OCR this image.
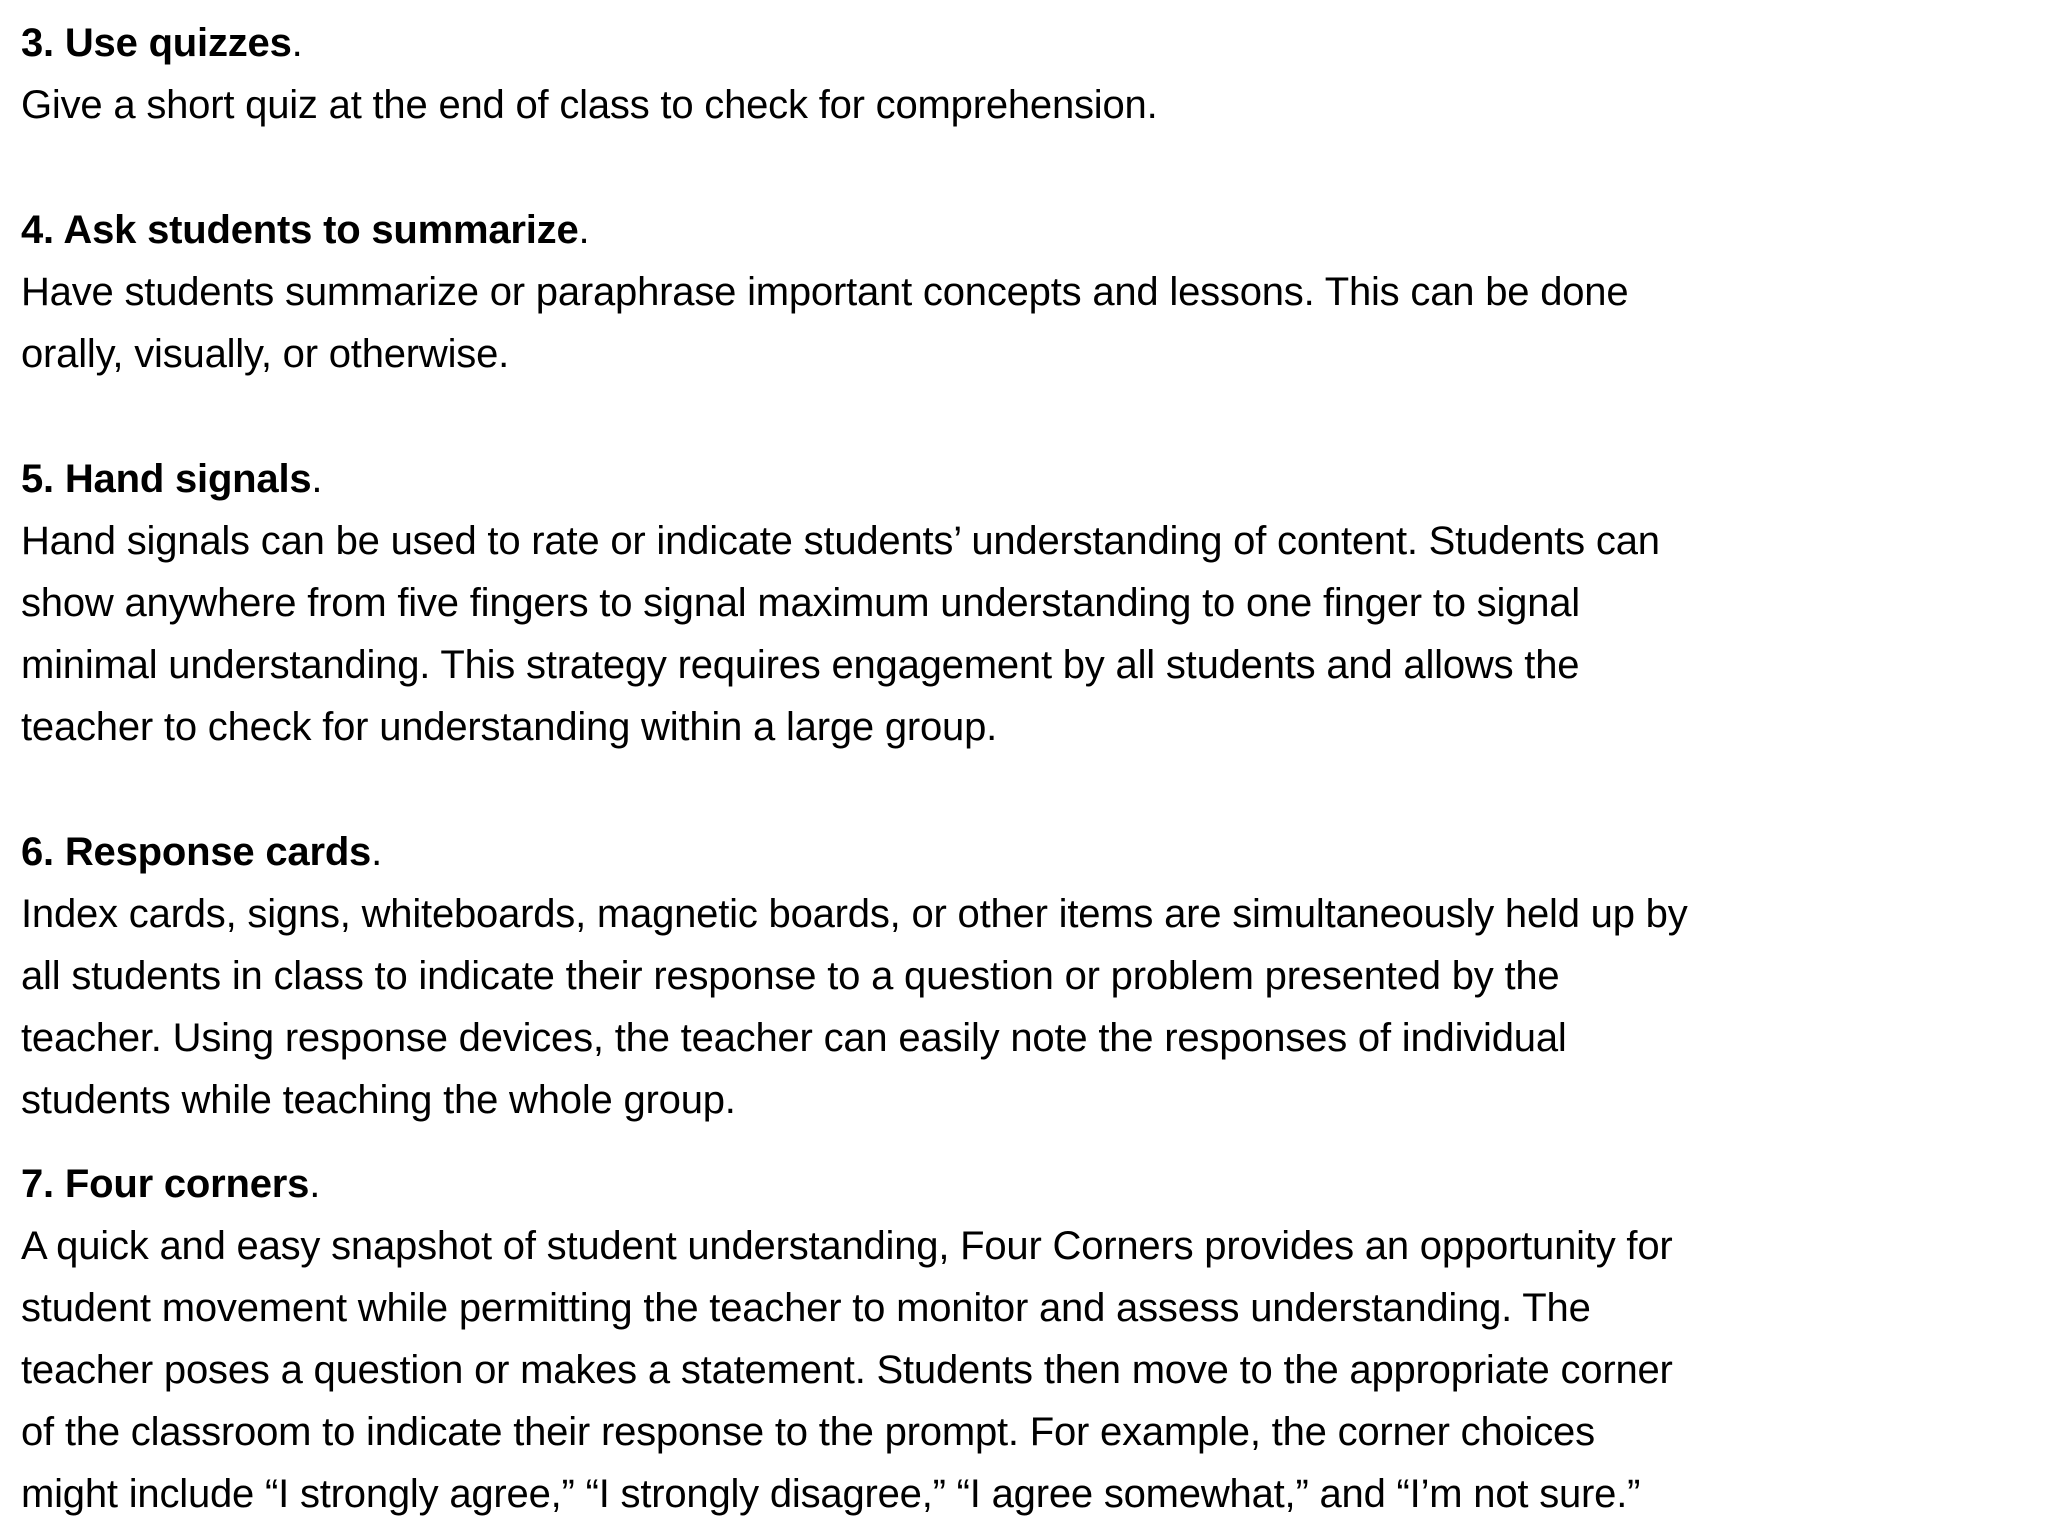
3. Use quizzes.
Give a short quiz at the end of class to check for comprehension.
4. Ask students to summarize.
Have students summarize or paraphrase important concepts and lessons. This can be done
orally, visually, or otherwise.
5. Hand signals.
Hand signals can be used to rate or indicate students’ understanding of content. Students can
show anywhere from five fingers to signal maximum understanding to one finger to signal
minimal understanding. This strategy requires engagement by all students and allows the
teacher to check for understanding within a large group.
6. Response cards.
Index cards, signs, whiteboards, magnetic boards, or other items are simultaneously held up by
all students in class to indicate their response to a question or problem presented by the
teacher. Using response devices, the teacher can easily note the responses of individual
students while teaching the whole group.
7. Four corners.
A quick and easy snapshot of student understanding, Four Corners provides an opportunity for
student movement while permitting the teacher to monitor and assess understanding. The
teacher poses a question or makes a statement. Students then move to the appropriate corner
of the classroom to indicate their response to the prompt. For example, the corner choices
might include “I strongly agree,” “I strongly disagree,” “I agree somewhat,” and “I’m not sure.”
